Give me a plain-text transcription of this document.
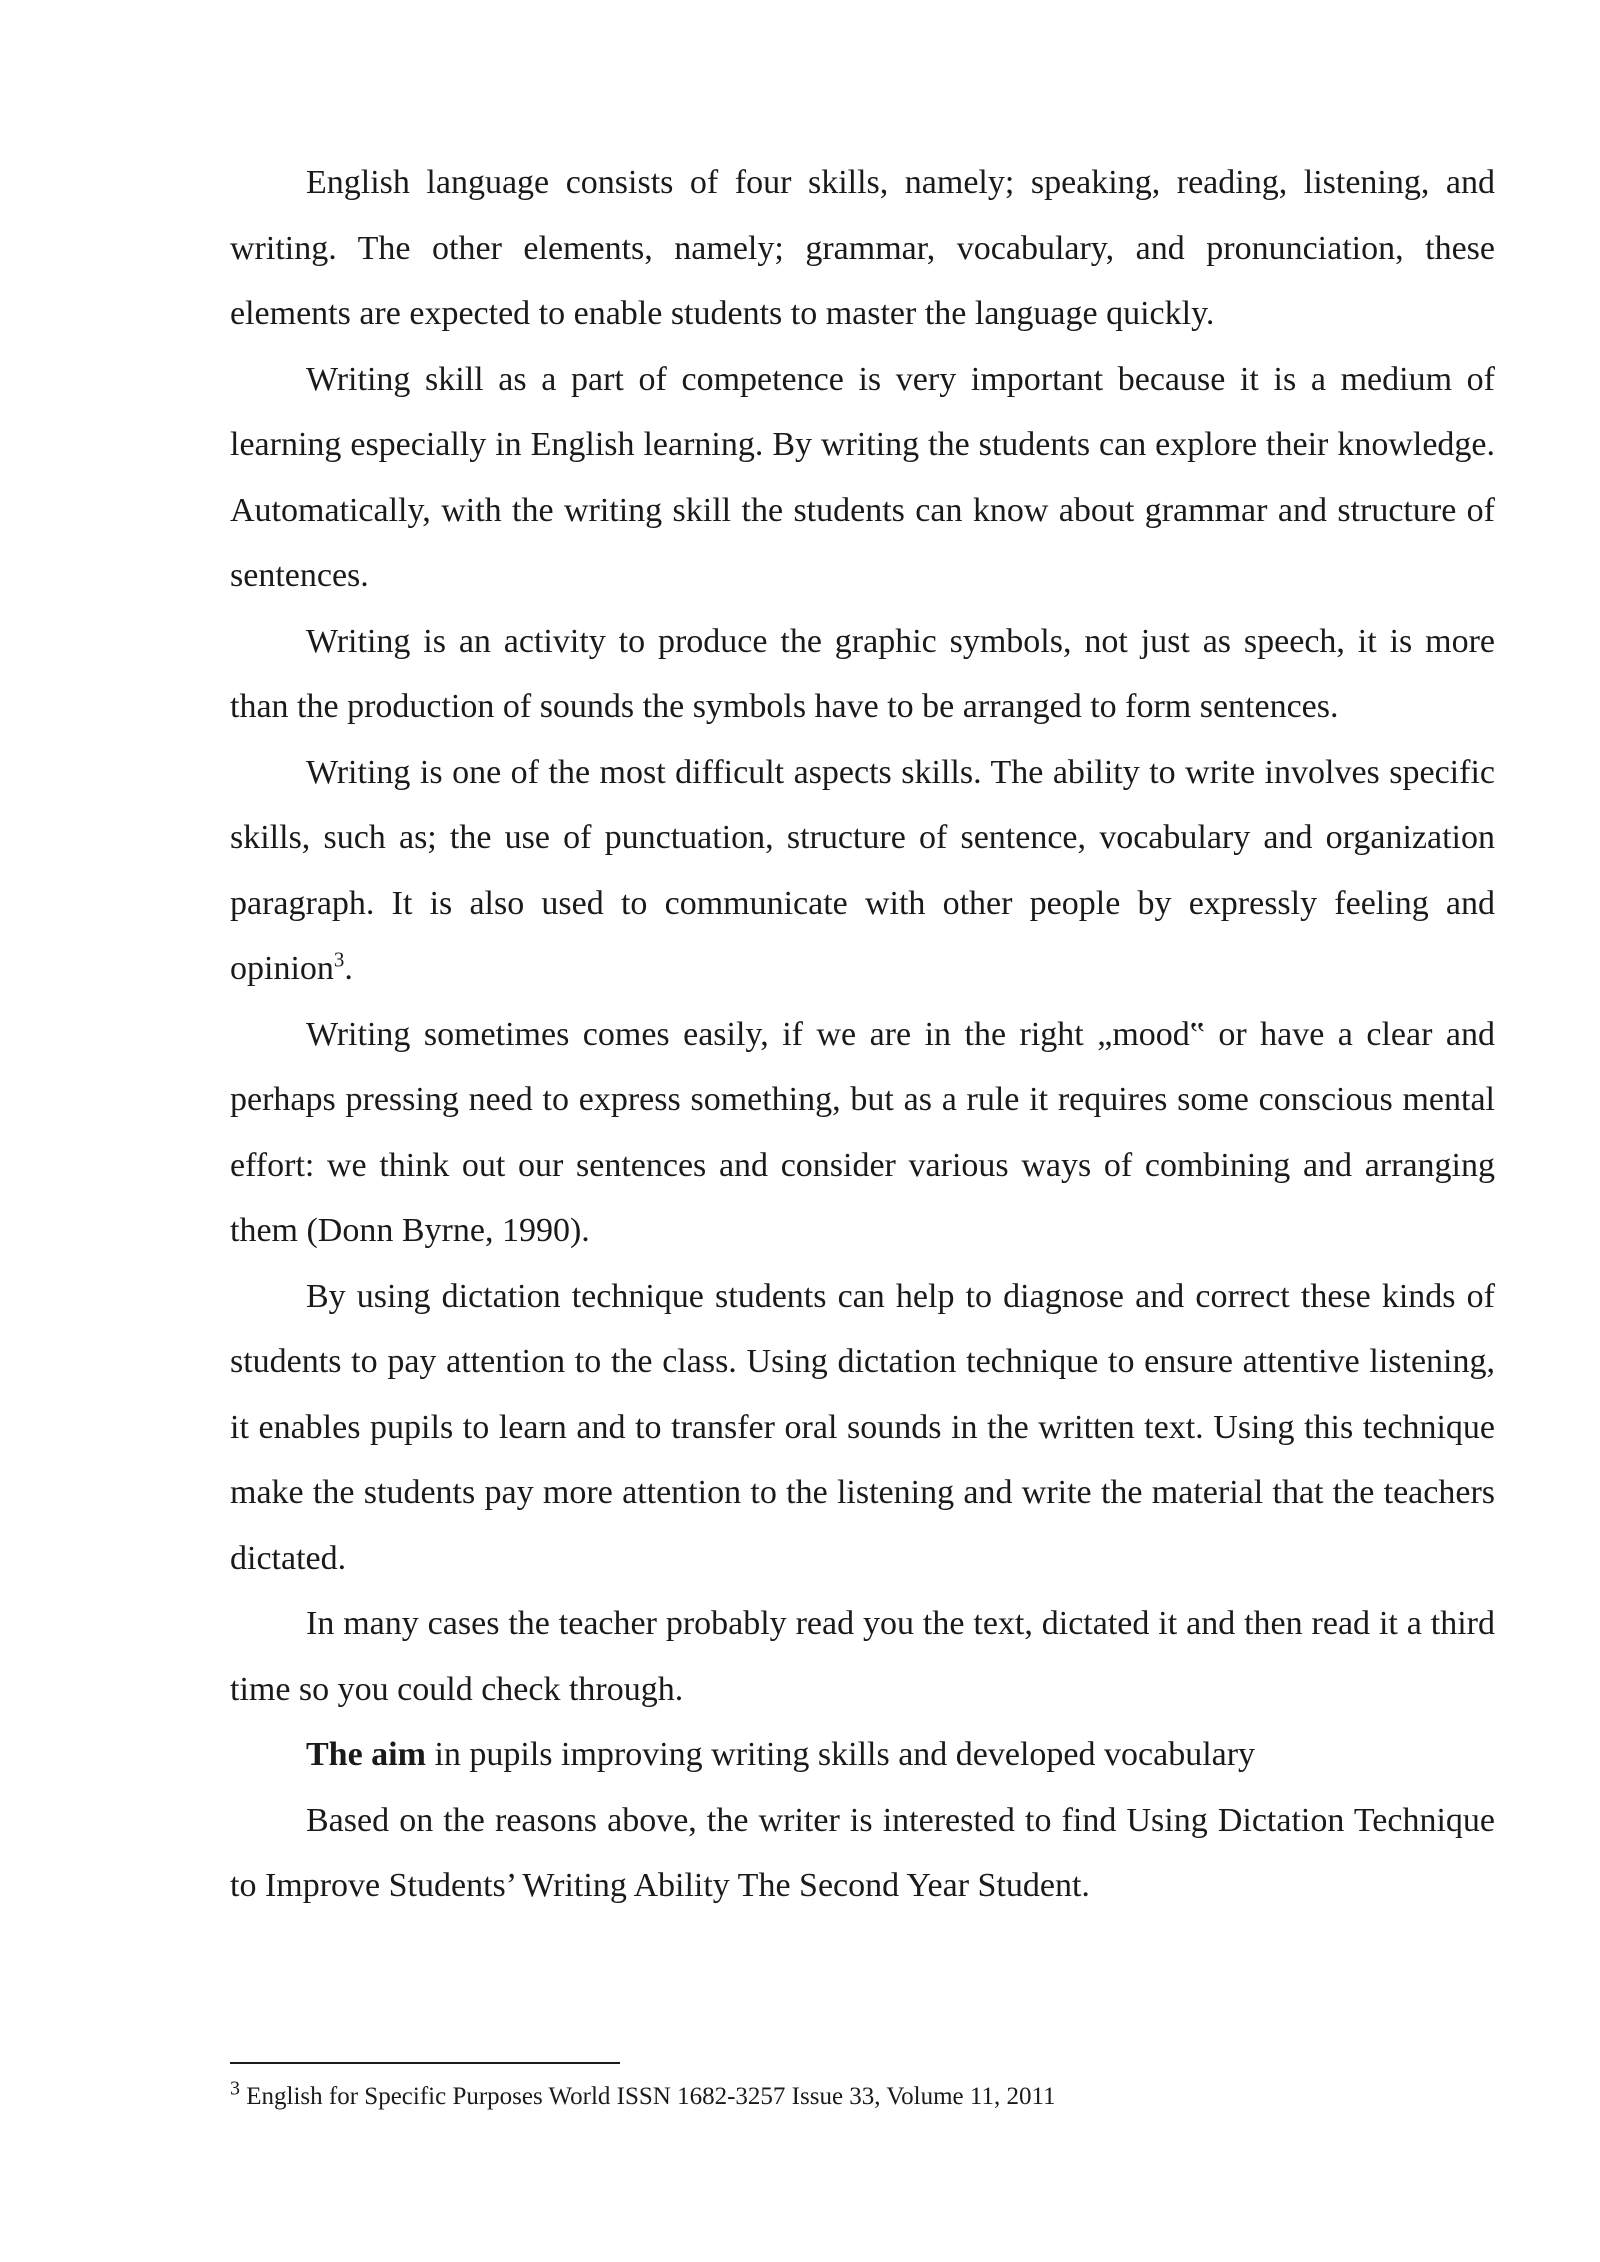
English language consists of four skills, namely; speaking, reading, listening, and writing. The other elements, namely; grammar, vocabulary, and pronunciation, these elements are expected to enable students to master the language quickly.

Writing skill as a part of competence is very important because it is a medium of learning especially in English learning. By writing the students can explore their knowledge. Automatically, with the writing skill the students can know about grammar and structure of sentences.

Writing is an activity to produce the graphic symbols, not just as speech, it is more than the production of sounds the symbols have to be arranged to form sentences.

Writing is one of the most difficult aspects skills. The ability to write involves specific skills, such as; the use of punctuation, structure of sentence, vocabulary and organization paragraph. It is also used to communicate with other people by expressly feeling and opinion$^3$.

Writing sometimes comes easily, if we are in the right „mood‟ or have a clear and perhaps pressing need to express something, but as a rule it requires some conscious mental effort: we think out our sentences and consider various ways of combining and arranging them (Donn Byrne, 1990).

By using dictation technique students can help to diagnose and correct these kinds of students to pay attention to the class. Using dictation technique to ensure attentive listening, it enables pupils to learn and to transfer oral sounds in the written text. Using this technique make the students pay more attention to the listening and write the material that the teachers dictated.

In many cases the teacher probably read you the text, dictated it and then read it a third time so you could check through.

The aim in pupils improving writing skills and developed vocabulary

Based on the reasons above, the writer is interested to find Using Dictation Technique to Improve Students’ Writing Ability The Second Year Student.

$^3$ English for Specific Purposes World ISSN 1682-3257 Issue 33, Volume 11, 2011
